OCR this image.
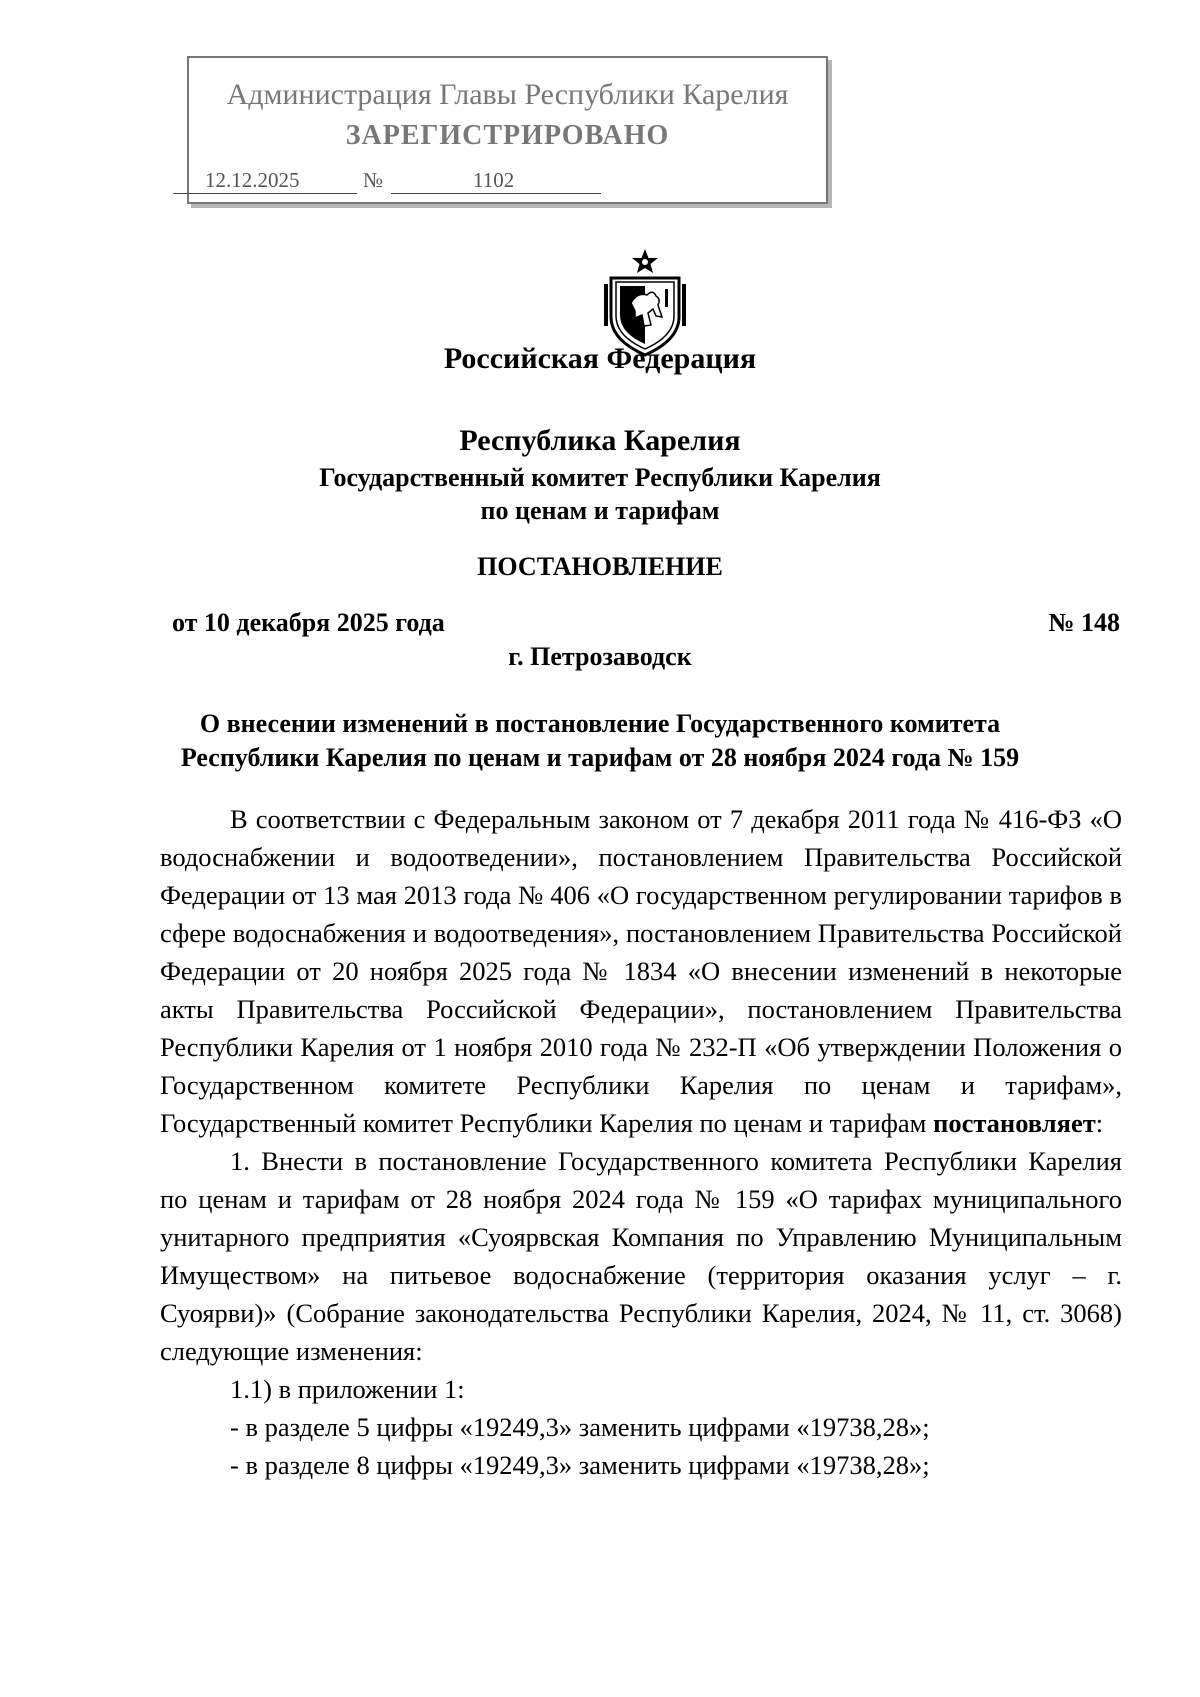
Администрация Главы Республики Карелия
ЗАРЕГИСТРИРОВАНО
12.12.2025	№	1102
Российская Федерация
Республика Карелия
Государственный комитет Республики Карелия
по ценам и тарифам
ПОСТАНОВЛЕНИЕ
от 10 декабря 2025 года	№ 148
г. Петрозаводск
О внесении изменений в постановление Государственного комитета
Республики Карелия по ценам и тарифам от 28 ноября 2024 года № 159

В соответствии с Федеральным законом от 7 декабря 2011 года № 416-ФЗ «О водоснабжении и водоотведении», постановлением Правительства Российской Федерации от 13 мая 2013 года № 406 «О государственном регулировании тарифов в сфере водоснабжения и водоотведения», постановлением Правительства Российской Федерации от 20 ноября 2025 года № 1834 «О внесении изменений в некоторые акты Правительства Российской Федерации», постановлением Правительства Республики Карелия от 1 ноября 2010 года № 232-П «Об утверждении Положения о Государственном комитете Республики Карелия по ценам и тарифам», Государственный комитет Республики Карелия по ценам и тарифам постановляет:

1. Внести в постановление Государственного комитета Республики Карелия по ценам и тарифам от 28 ноября 2024 года № 159 «О тарифах муниципального унитарного предприятия «Суоярвская Компания по Управлению Муниципальным Имуществом» на питьевое водоснабжение (территория оказания услуг – г. Суоярви)» (Собрание законодательства Республики Карелия, 2024, № 11, ст. 3068) следующие изменения:

1.1) в приложении 1:

- в разделе 5 цифры «19249,3» заменить цифрами «19738,28»;

- в разделе 8 цифры «19249,3» заменить цифрами «19738,28»;
